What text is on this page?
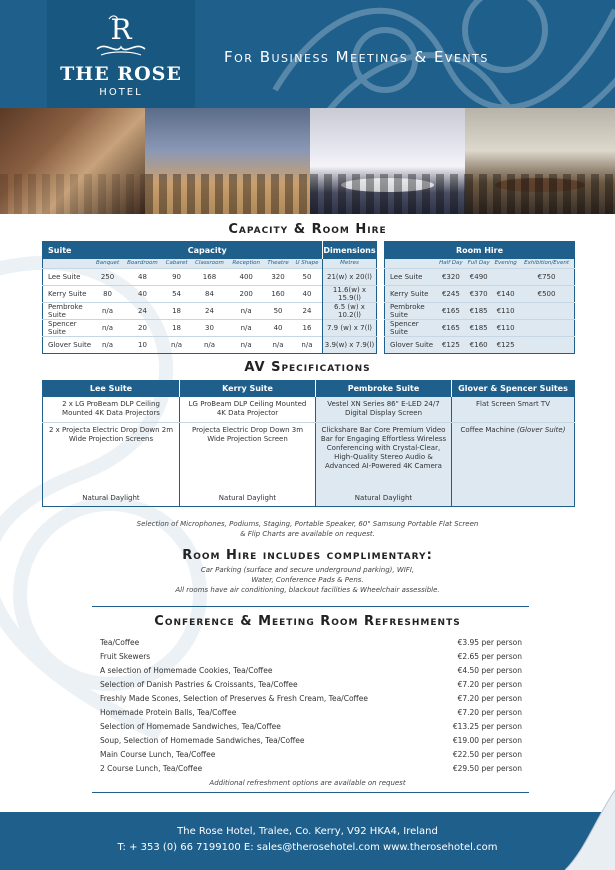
R
THE ROSE
HOTEL
For Business Meetings & Events
Capacity & Room Hire
Suite	Capacity							Dimensions
	Banquet	Boardroom	Cabaret	Classroom	Reception	Theatre	U Shape	Metres
Lee Suite	250	48	90	168	400	320	50	21(w) x 20(l)
Kerry Suite	80	40	54	84	200	160	40	11.6(w) x 15.9(l)
Pembroke Suite	n/a	24	18	24	n/a	50	24	6.5 (w) x 10.2(l)
Spencer Suite	n/a	20	18	30	n/a	40	16	7.9 (w) x 7(l)
Glover Suite	n/a	10	n/a	n/a	n/a	n/a	n/a	3.9(w) x 7.9(l)
Room Hire				
	Half Day	Full Day	Evening	Exhibition/Event
Lee Suite	€320	€490		€750
Kerry Suite	€245	€370	€140	€500
Pembroke Suite	€165	€185	€110	
Spencer Suite	€165	€185	€110	
Glover Suite	€125	€160	€125	
AV Specifications
Lee Suite	Kerry Suite	Pembroke Suite	Glover & Spencer Suites
2 x LG ProBeam DLP Ceiling Mounted 4K Data Projectors	LG ProBeam DLP Ceiling Mounted 4K Data Projector	Vestel XN Series 86" E-LED 24/7 Digital Display Screen	Flat Screen Smart TV
2 x Projecta Electric Drop Down 2m Wide Projection Screens	Projecta Electric Drop Down 3m Wide Projection Screen	Clickshare Bar Core Premium Video Bar for Engaging Effortless Wireless Conferencing with Crystal-Clear, High-Quality Stereo Audio & Advanced AI-Powered 4K Camera	Coffee Machine (Glover Suite)
Natural Daylight	Natural Daylight	Natural Daylight	
Selection of Microphones, Podiums, Staging, Portable Speaker, 60" Samsung Portable Flat Screen
& Flip Charts are available on request.
Room Hire includes complimentary:
Car Parking (surface and secure underground parking), WIFI,
Water, Conference Pads & Pens.
All rooms have air conditioning, blackout facilities & Wheelchair assessible.
Conference & Meeting Room Refreshments
Tea/Coffee	€3.95 per person
Fruit Skewers	€2.65 per person
A selection of Homemade Cookies, Tea/Coffee	€4.50 per person
Selection of Danish Pastries & Croissants, Tea/Coffee	€7.20 per person
Freshly Made Scones, Selection of Preserves & Fresh Cream, Tea/Coffee	€7.20 per person
Homemade Protein Balls, Tea/Coffee	€7.20 per person
Selection of Homemade Sandwiches, Tea/Coffee	€13.25 per person
Soup, Selection of Homemade Sandwiches, Tea/Coffee	€19.00 per person
Main Course Lunch, Tea/Coffee	€22.50 per person
2 Course Lunch, Tea/Coffee	€29.50 per person
Additional refreshment options are available on request
The Rose Hotel, Tralee, Co. Kerry, V92 HKA4, Ireland
T: + 353 (0) 66 7199100 E: sales@therosehotel.com www.therosehotel.com
